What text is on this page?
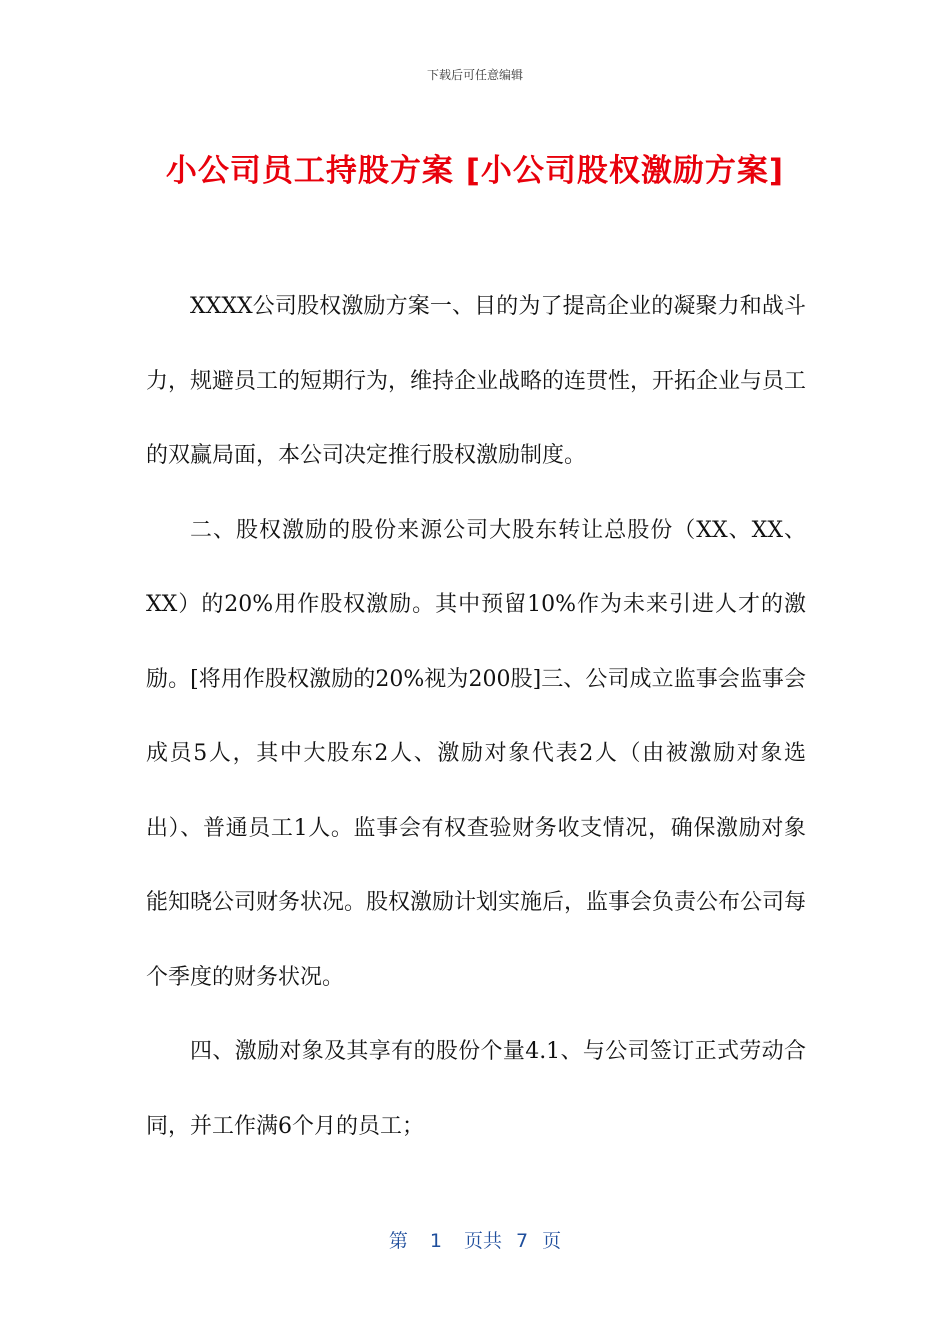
下载后可任意编辑
小公司员工持股方案 [小公司股权激励方案]

XXXX公司股权激励方案一、目的为了提高企业的凝聚力和战斗力，规避员工的短期行为，维持企业战略的连贯性，开拓企业与员工的双赢局面，本公司决定推行股权激励制度。

二、股权激励的股份来源公司大股东转让总股份（XX、XX、XX）的20%用作股权激励。其中预留10%作为未来引进人才的激励。[将用作股权激励的20%视为200股]三、公司成立监事会监事会成员5人，其中大股东2人、激励对象代表2人（由被激励对象选出）、普通员工1人。监事会有权查验财务收支情况，确保激励对象能知晓公司财务状况。股权激励计划实施后，监事会负责公布公司每个季度的财务状况。

四、激励对象及其享有的股份个量4.1、与公司签订正式劳动合同，并工作满6个月的员工；

第 1 页共 7 页
